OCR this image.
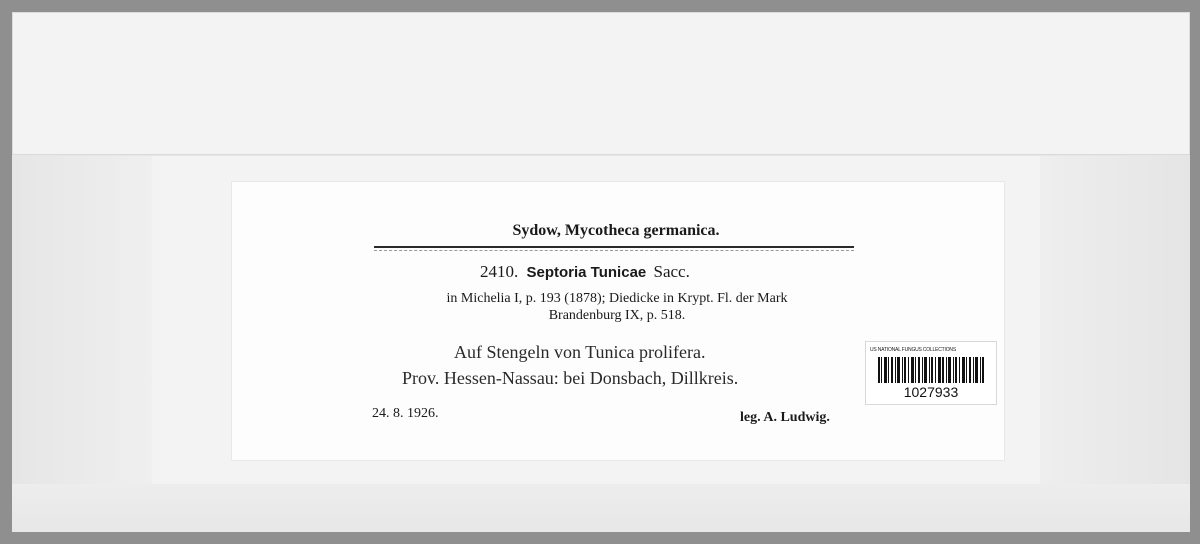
Sydow, Mycotheca germanica.
2410. Septoria Tunicae Sacc.
in Michelia I, p. 193 (1878); Diedicke in Krypt. Fl. der Mark
Brandenburg IX, p. 518.
Auf Stengeln von Tunica prolifera.
Prov. Hessen-Nassau: bei Donsbach, Dillkreis.
24. 8. 1926.	leg. A. Ludwig.
US NATIONAL FUNGUS COLLECTIONS
1027933
